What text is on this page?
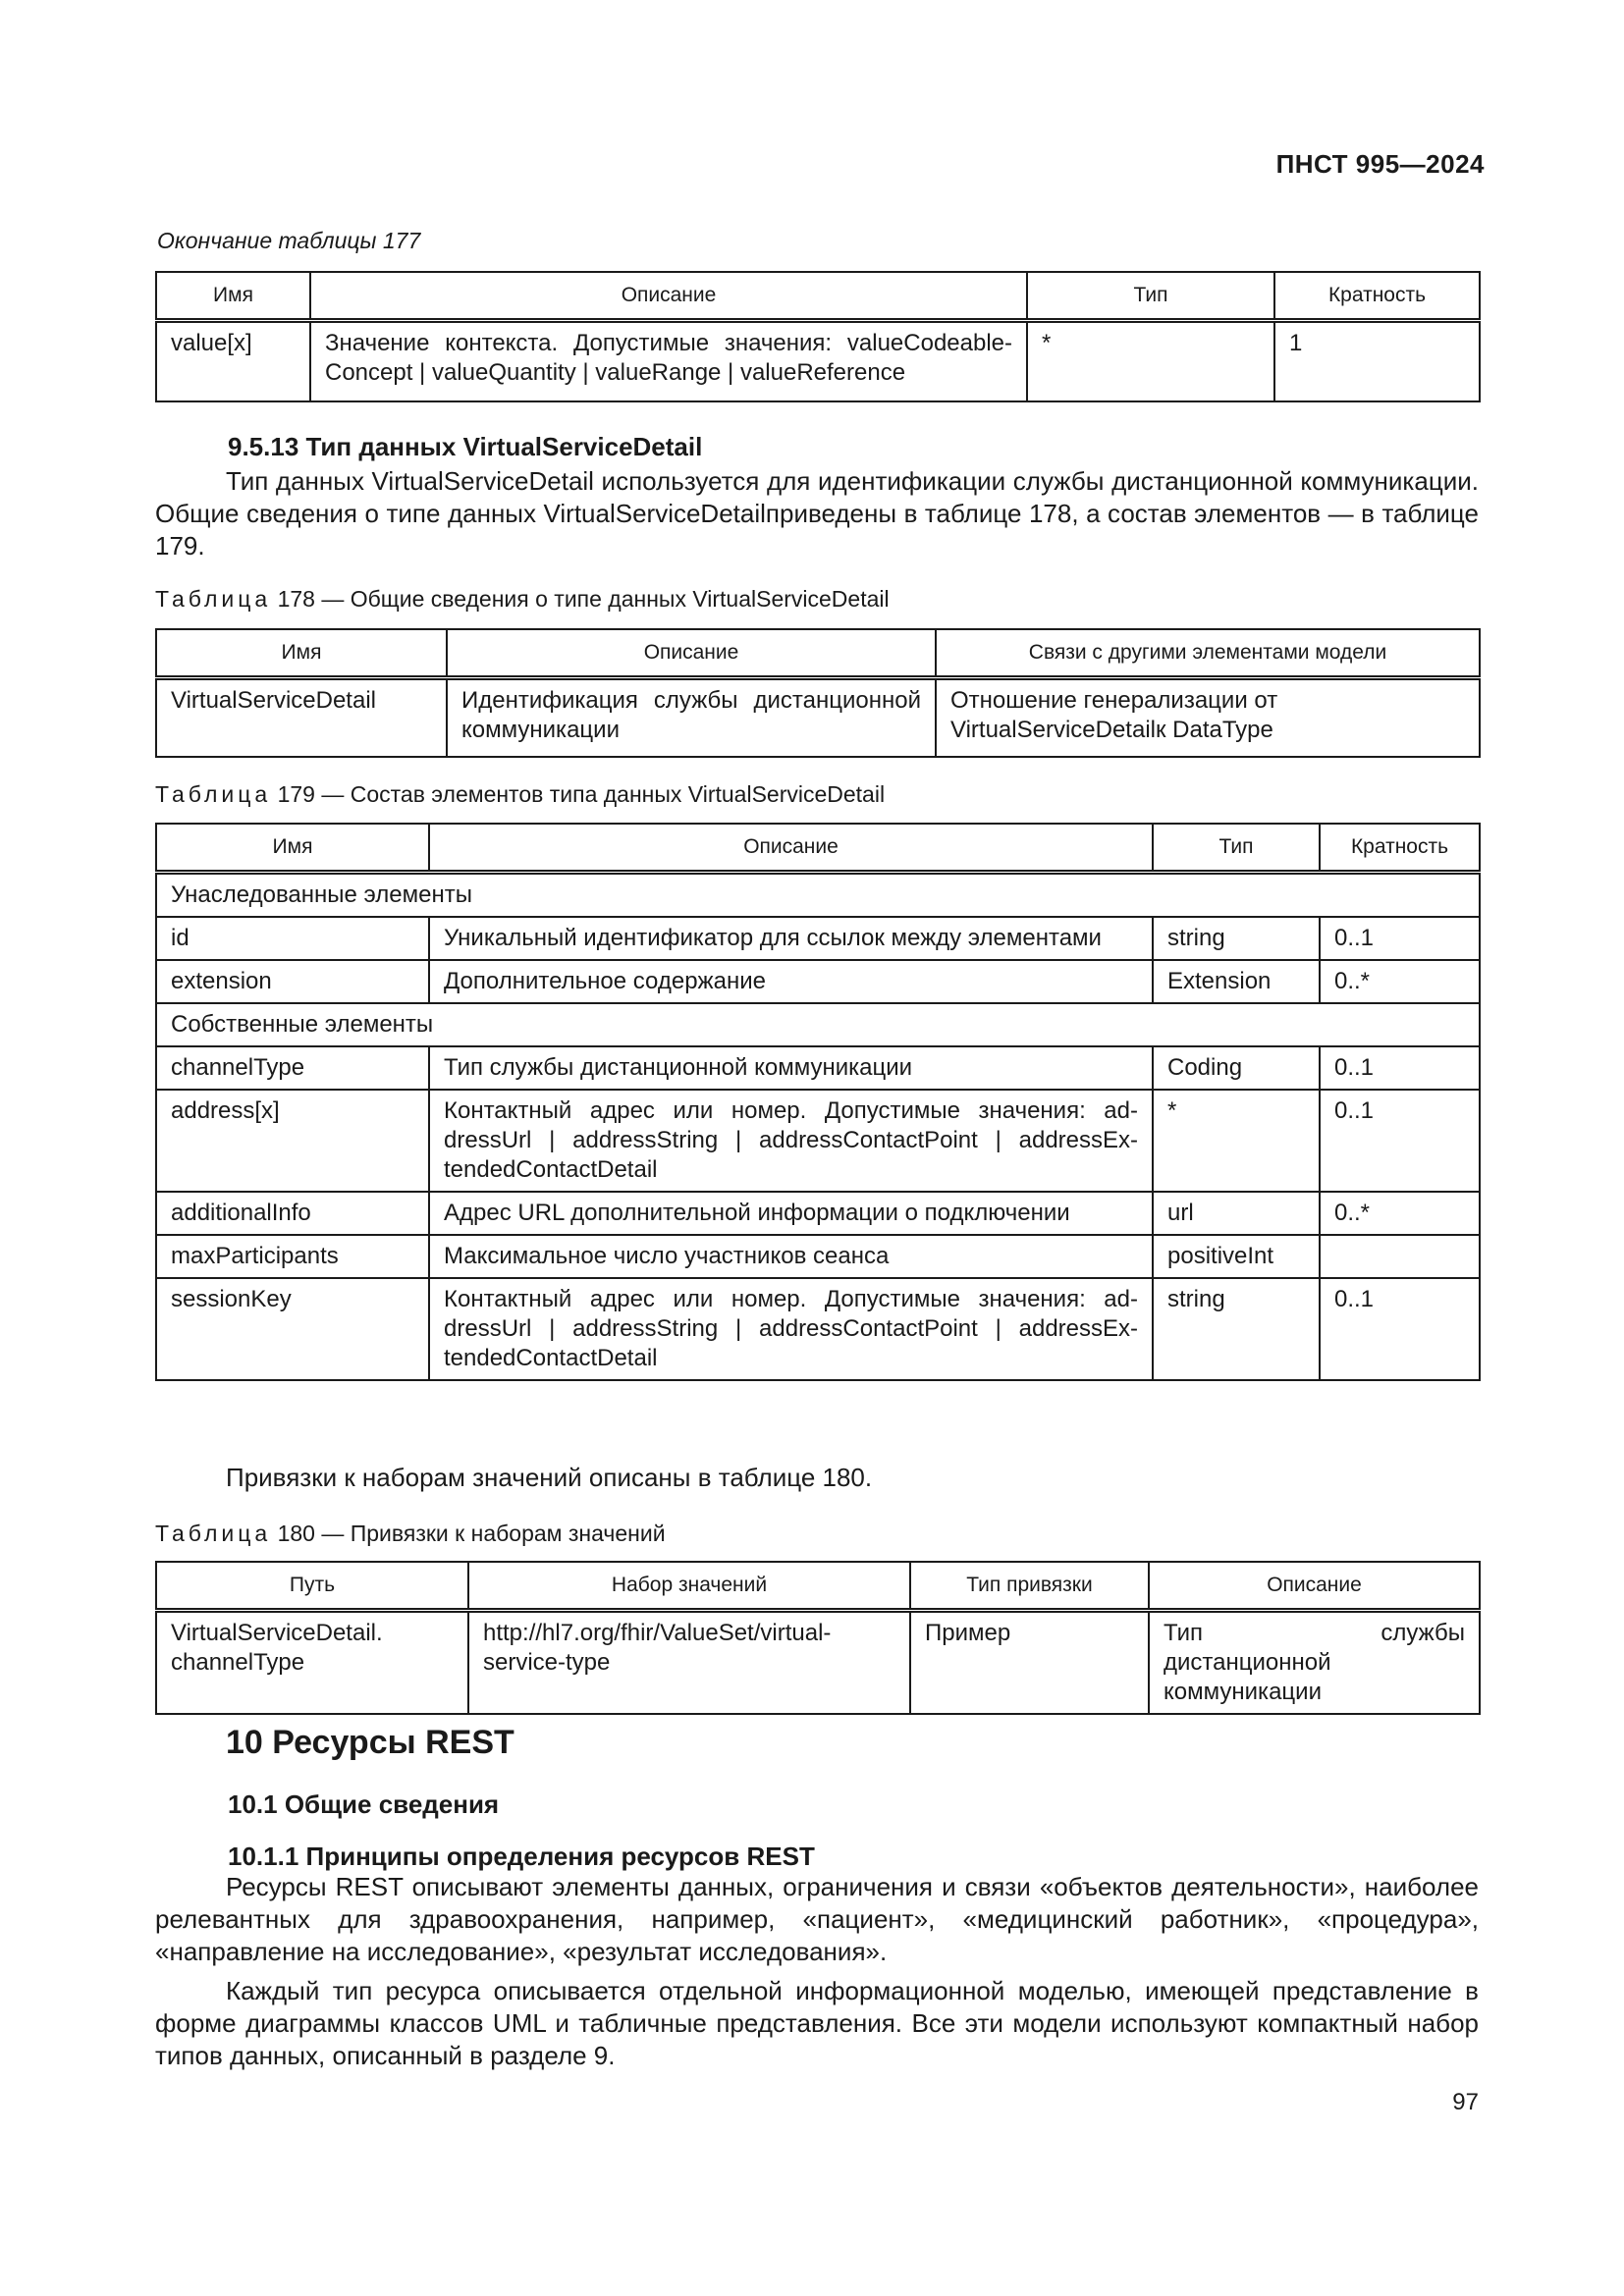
ПНСТ 995—2024
Окончание таблицы 177
Имя	Описание	Тип	Кратность
value[x]	Значение контекста. Допустимые значения: valueCodeable-Concept | valueQuantity | valueRange | valueReference	*	1
9.5.13 Тип данных VirtualServiceDetail

Тип данных VirtualServiceDetail используется для идентификации службы дистанционной коммуникации. Общие сведения о типе данных VirtualServiceDetailприведены в таблице 178, а состав элементов — в таблице 179.

Таблица 178 — Общие сведения о типе данных VirtualServiceDetail
Имя	Описание	Связи с другими элементами модели
VirtualServiceDetail	Идентификация службы дистанционной коммуникации	Отношение генерализации от VirtualServiceDetailк DataType
Таблица 179 — Состав элементов типа данных VirtualServiceDetail
Имя	Описание	Тип	Кратность
Унаследованные элементы			
id	Уникальный идентификатор для ссылок между элементами	string	0..1
extension	Дополнительное содержание	Extension	0..*
Собственные элементы			
channelType	Тип службы дистанционной коммуникации	Coding	0..1
address[x]	Контактный адрес или номер. Допустимые значения: ad-dressUrl | addressString | addressContactPoint | addressEx-tendedContactDetail	*	0..1
additionalInfo	Адрес URL дополнительной информации о подключении	url	0..*
maxParticipants	Максимальное число участников сеанса	positiveInt	
sessionKey	Контактный адрес или номер. Допустимые значения: ad-dressUrl | addressString | addressContactPoint | addressEx-tendedContactDetail	string	0..1
Привязки к наборам значений описаны в таблице 180.
Таблица 180 — Привязки к наборам значений
Путь	Набор значений	Тип привязки	Описание
VirtualServiceDetail. channelType	http://hl7.org/fhir/ValueSet/virtual-service-type	Пример	Тип службы дистанционной коммуникации
10 Ресурсы REST
10.1 Общие сведения
10.1.1 Принципы определения ресурсов REST

Ресурсы REST описывают элементы данных, ограничения и связи «объектов деятельности», наиболее релевантных для здравоохранения, например, «пациент», «медицинский работник», «процедура», «направление на исследование», «результат исследования».

Каждый тип ресурса описывается отдельной информационной моделью, имеющей представление в форме диаграммы классов UML и табличные представления. Все эти модели используют компактный набор типов данных, описанный в разделе 9.

97
